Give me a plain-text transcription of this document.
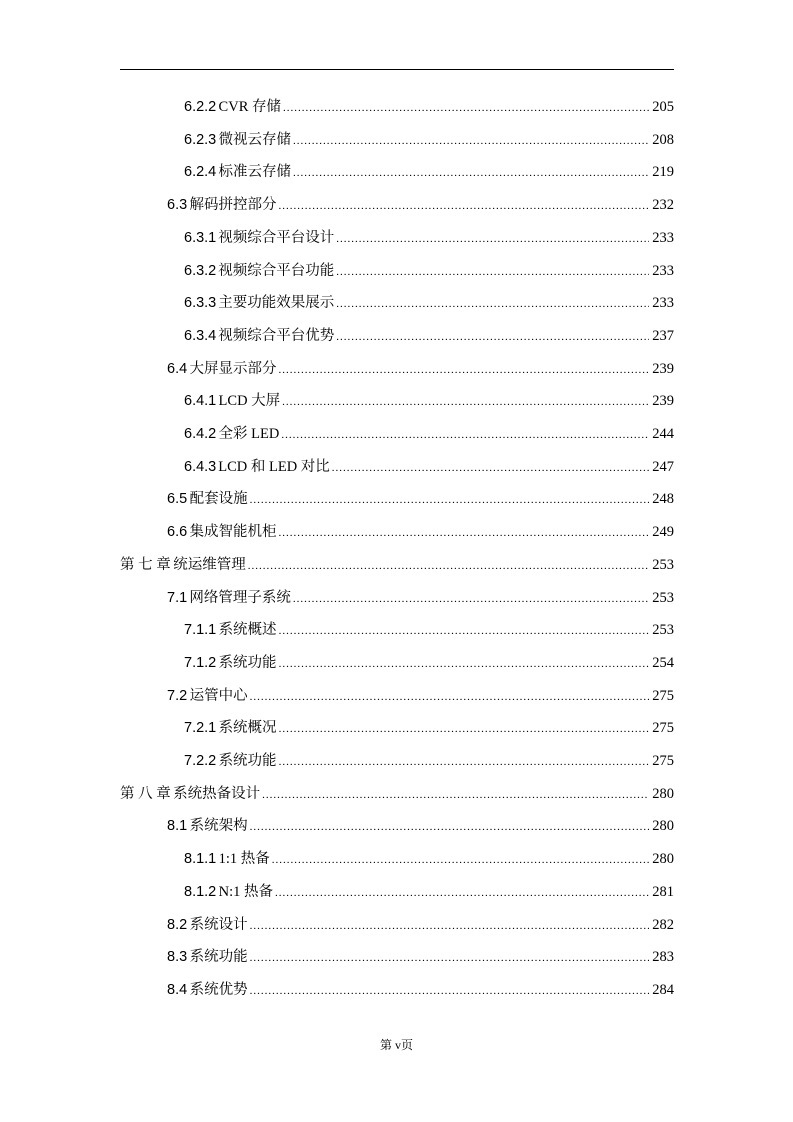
6.2.2 CVR 存储 .....	205
6.2.3 微视云存储 .....	208
6.2.4 标准云存储 .....	219
6.3 解码拼控部分 .....	232
6.3.1 视频综合平台设计 .....	233
6.3.2 视频综合平台功能 .....	233
6.3.3 主要功能效果展示 .....	233
6.3.4 视频综合平台优势 .....	237
6.4 大屏显示部分 .....	239
6.4.1 LCD 大屏 .....	239
6.4.2 全彩 LED .....	244
6.4.3 LCD 和 LED 对比 .....	247
6.5 配套设施 .....	248
6.6 集成智能机柜 .....	249
第 七 章 统运维管理 .....	253
7.1 网络管理子系统 .....	253
7.1.1 系统概述 .....	253
7.1.2 系统功能 .....	254
7.2 运管中心 .....	275
7.2.1 系统概况 .....	275
7.2.2 系统功能 .....	275
第 八 章 系统热备设计 .....	280
8.1 系统架构 .....	280
8.1.1 1:1 热备 .....	280
8.1.2 N:1 热备 .....	281
8.2 系统设计 .....	282
8.3 系统功能 .....	283
8.4 系统优势 .....	284
第 v页
